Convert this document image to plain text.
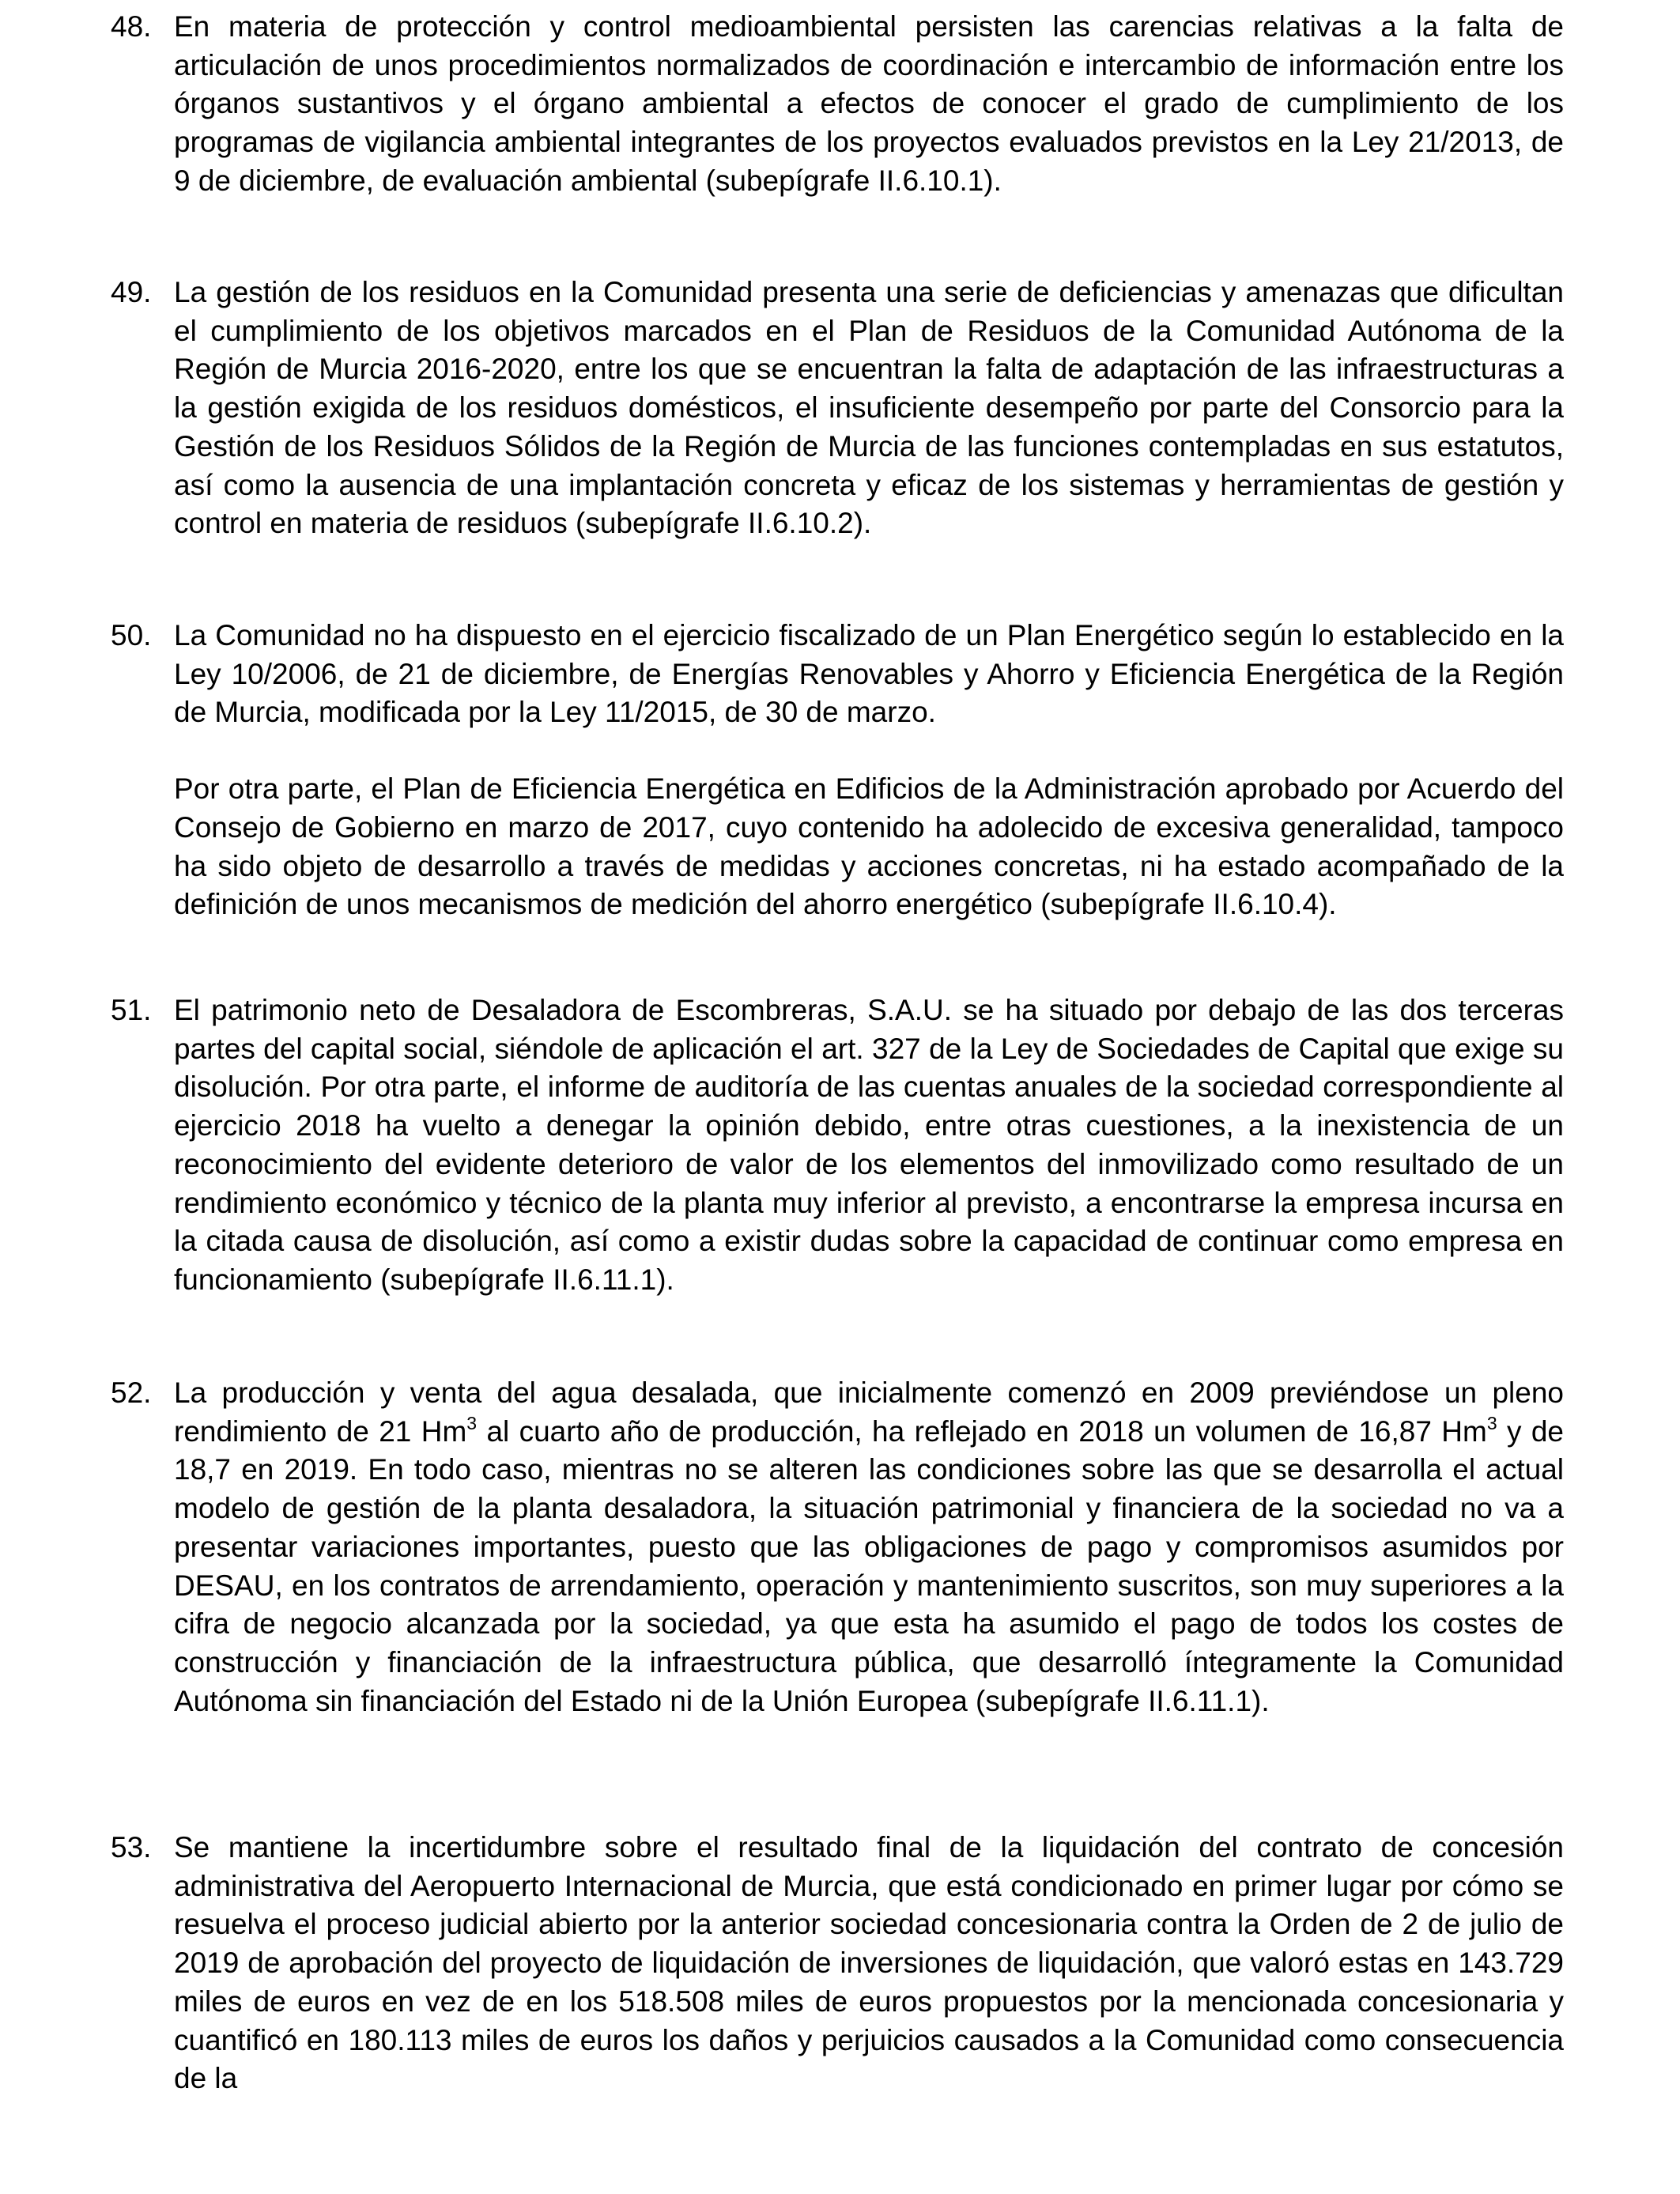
48. En materia de protección y control medioambiental persisten las carencias relativas a la falta de articulación de unos procedimientos normalizados de coordinación e intercambio de información entre los órganos sustantivos y el órgano ambiental a efectos de conocer el grado de cumplimiento de los programas de vigilancia ambiental integrantes de los proyectos evaluados previstos en la Ley 21/2013, de 9 de diciembre, de evaluación ambiental (subepígrafe II.6.10.1).

49. La gestión de los residuos en la Comunidad presenta una serie de deficiencias y amenazas que dificultan el cumplimiento de los objetivos marcados en el Plan de Residuos de la Comunidad Autónoma de la Región de Murcia 2016-2020, entre los que se encuentran la falta de adaptación de las infraestructuras a la gestión exigida de los residuos domésticos, el insuficiente desempeño por parte del Consorcio para la Gestión de los Residuos Sólidos de la Región de Murcia de las funciones contempladas en sus estatutos, así como la ausencia de una implantación concreta y eficaz de los sistemas y herramientas de gestión y control en materia de residuos (subepígrafe II.6.10.2).

50. La Comunidad no ha dispuesto en el ejercicio fiscalizado de un Plan Energético según lo establecido en la Ley 10/2006, de 21 de diciembre, de Energías Renovables y Ahorro y Eficiencia Energética de la Región de Murcia, modificada por la Ley 11/2015, de 30 de marzo.

Por otra parte, el Plan de Eficiencia Energética en Edificios de la Administración aprobado por Acuerdo del Consejo de Gobierno en marzo de 2017, cuyo contenido ha adolecido de excesiva generalidad, tampoco ha sido objeto de desarrollo a través de medidas y acciones concretas, ni ha estado acompañado de la definición de unos mecanismos de medición del ahorro energético (subepígrafe II.6.10.4).

51. El patrimonio neto de Desaladora de Escombreras, S.A.U. se ha situado por debajo de las dos terceras partes del capital social, siéndole de aplicación el art. 327 de la Ley de Sociedades de Capital que exige su disolución. Por otra parte, el informe de auditoría de las cuentas anuales de la sociedad correspondiente al ejercicio 2018 ha vuelto a denegar la opinión debido, entre otras cuestiones, a la inexistencia de un reconocimiento del evidente deterioro de valor de los elementos del inmovilizado como resultado de un rendimiento económico y técnico de la planta muy inferior al previsto, a encontrarse la empresa incursa en la citada causa de disolución, así como a existir dudas sobre la capacidad de continuar como empresa en funcionamiento (subepígrafe II.6.11.1).

52. La producción y venta del agua desalada, que inicialmente comenzó en 2009 previéndose un pleno rendimiento de 21 Hm$^3$ al cuarto año de producción, ha reflejado en 2018 un volumen de 16,87 Hm$^3$ y de 18,7 en 2019. En todo caso, mientras no se alteren las condiciones sobre las que se desarrolla el actual modelo de gestión de la planta desaladora, la situación patrimonial y financiera de la sociedad no va a presentar variaciones importantes, puesto que las obligaciones de pago y compromisos asumidos por DESAU, en los contratos de arrendamiento, operación y mantenimiento suscritos, son muy superiores a la cifra de negocio alcanzada por la sociedad, ya que esta ha asumido el pago de todos los costes de construcción y financiación de la infraestructura pública, que desarrolló íntegramente la Comunidad Autónoma sin financiación del Estado ni de la Unión Europea (subepígrafe II.6.11.1).

53. Se mantiene la incertidumbre sobre el resultado final de la liquidación del contrato de concesión administrativa del Aeropuerto Internacional de Murcia, que está condicionado en primer lugar por cómo se resuelva el proceso judicial abierto por la anterior sociedad concesionaria contra la Orden de 2 de julio de 2019 de aprobación del proyecto de liquidación de inversiones de liquidación, que valoró estas en 143.729 miles de euros en vez de en los 518.508 miles de euros propuestos por la mencionada concesionaria y cuantificó en 180.113 miles de euros los daños y perjuicios causados a la Comunidad como consecuencia de la
